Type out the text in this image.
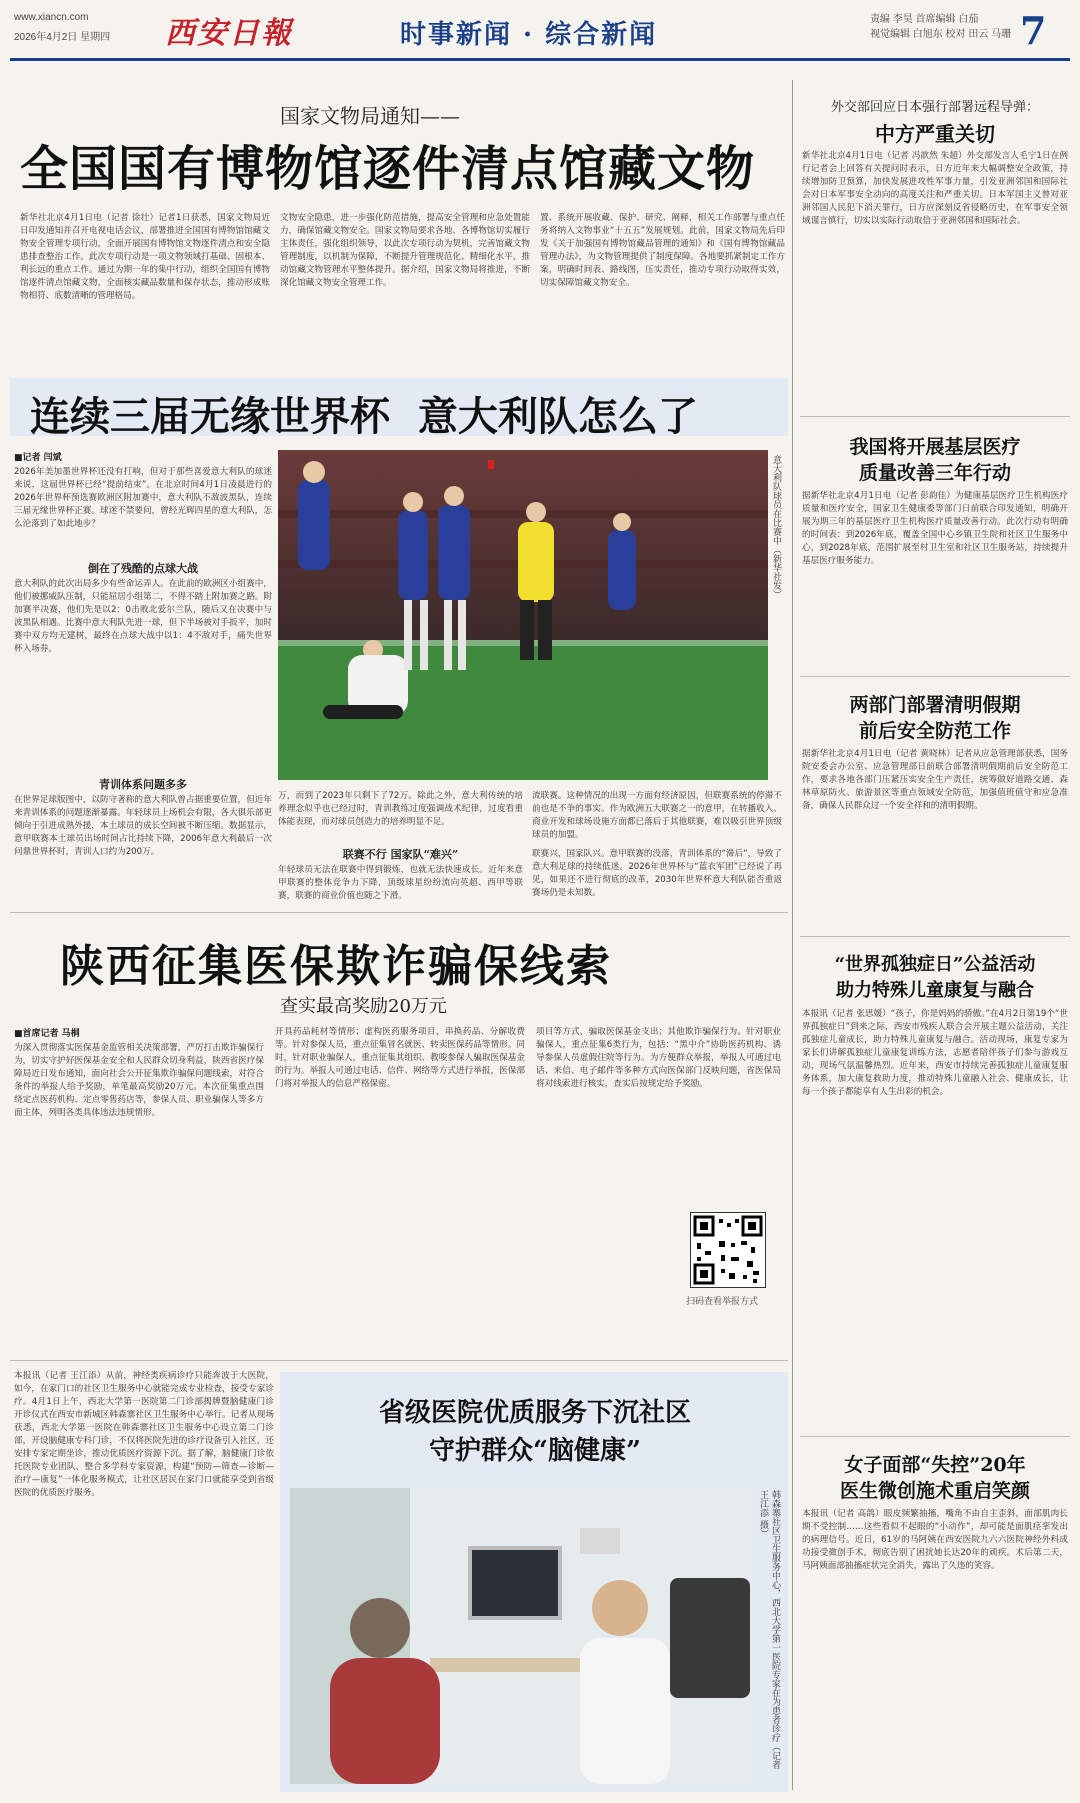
www.xiancn.com
2026年4月2日 星期四 西安日報	时事新闻 · 综合新闻
责编 李昊 首席编辑 白茄
视觉编辑 白旭东 校对 田云 马珊 7
国家文物局通知——
全国国有博物馆逐件清点馆藏文物
新华社北京4月1日电（记者 徐壮）记者1日获悉，国家文物局近日印发通知并召开电视电话会议，部署推进全国国有博物馆馆藏文物安全管理专项行动，全面开展国有博物馆文物逐件清点和安全隐患排查整治工作。此次专项行动是一项文物领域打基础、固根本、利长远的重点工作。通过为期一年的集中行动，组织全国国有博物馆逐件清点馆藏文物，全面核实藏品数量和保存状态，推动形成账物相符、底数清晰的管理格局。
文物安全隐患，进一步强化防范措施，提高安全管理和应急处置能力，确保馆藏文物安全。国家文物局要求各地、各博物馆切实履行主体责任，强化组织领导，以此次专项行动为契机，完善馆藏文物管理制度，以机制为保障，不断提升管理规范化、精细化水平，推动馆藏文物管理水平整体提升。据介绍，国家文物局将推进，不断深化馆藏文物安全管理工作。
置、系统开展收藏、保护、研究、阐释，相关工作部署与重点任务将纳入文物事业“十五五”发展规划。此前，国家文物局先后印发《关于加强国有博物馆藏品管理的通知》和《国有博物馆藏品管理办法》，为文物管理提供了制度保障。各地要抓紧制定工作方案，明确时间表、路线图，压实责任，推动专项行动取得实效，切实保障馆藏文物安全。
连续三届无缘世界杯  意大利队怎么了
■记者 闫斌
2026年美加墨世界杯还没有打响，但对于那些喜爱意大利队的球迷来说，这届世界杯已经“提前结束”。在北京时间4月1日凌晨进行的2026年世界杯预选赛欧洲区附加赛中，意大利队不敌波黑队，连续三届无缘世界杯正赛。球迷不禁要问，曾经光辉四星的意大利队，怎么沦落到了如此地步？
倒在了残酷的点球大战
意大利队的此次出局多少有些命运弄人。在此前的欧洲区小组赛中，他们被挪威队压制，只能屈居小组第二，不得不踏上附加赛之路。附加赛半决赛，他们先是以2：0击败北爱尔兰队，随后又在决赛中与波黑队相遇。比赛中意大利队先进一球，但下半场被对手扳平，加时赛中双方均无建树，最终在点球大战中以1：4不敌对手，痛失世界杯入场券。
青训体系问题多多
在世界足球版图中，以防守著称的意大利队曾占据重要位置，但近年来青训体系的问题逐渐暴露。年轻球员上场机会有限，各大俱乐部更倾向于引进成熟外援，本土球员的成长空间被不断压缩。数据显示，意甲联赛本土球员出场时间占比持续下降，2006年意大利最后一次问鼎世界杯时，青训人口约为200万。
意大利队球员在比赛中（新华社发）
万，而到了2023年只剩下了72万。除此之外，意大利传统的培养理念似乎也已经过时，青训教练过度强调战术纪律，过度看重体能表现，而对球员创造力的培养明显不足。
联赛不行 国家队“难兴”
年轻球员无法在联赛中得到锻炼，也就无法快速成长。近年来意甲联赛的整体竞争力下降，顶级球星纷纷流向英超、西甲等联赛，联赛的商业价值也随之下滑。
流联赛。这种情况的出现一方面有经济原因，但联赛系统的停滞不前也是不争的事实。作为欧洲五大联赛之一的意甲，在转播收入、商业开发和球场设施方面都已落后于其他联赛，难以吸引世界顶级球员的加盟。
联赛兴，国家队兴。意甲联赛的没落，青训体系的“滞后”，导致了意大利足球的持续低迷。2026年世界杯与“蓝衣军团”已经说了再见，如果还不进行彻底的改革，2030年世界杯意大利队能否重返赛场仍是未知数。
陕西征集医保欺诈骗保线索
查实最高奖励20万元
■首席记者 马桐
为深入贯彻落实医保基金监管相关决策部署，严厉打击欺诈骗保行为，切实守护好医保基金安全和人民群众切身利益，陕西省医疗保障局近日发布通知，面向社会公开征集欺诈骗保问题线索，对符合条件的举报人给予奖励，单笔最高奖励20万元。本次征集重点围绕定点医药机构、定点零售药店等，参保人员、职业骗保人等多方面主体，列明各类具体违法违规情形。
开具药品耗材等情形；虚构医药服务项目，串换药品、分解收费等。针对参保人员，重点征集冒名就医、转卖医保药品等情形。同时，针对职业骗保人，重点征集其组织、教唆参保人骗取医保基金的行为。举报人可通过电话、信件、网络等方式进行举报，医保部门将对举报人的信息严格保密。
项目等方式，骗取医保基金支出；其他欺诈骗保行为。针对职业骗保人，重点征集6类行为，包括：“黑中介”协助医药机构、诱导参保人员虚假住院等行为。为方便群众举报，举报人可通过电话、来信、电子邮件等多种方式向医保部门反映问题，省医保局将对线索进行核实，查实后按规定给予奖励。
扫码查看举报方式
本报讯（记者 王江添）从前，神经类疾病诊疗只能奔波于大医院，如今，在家门口的社区卫生服务中心就能完成专业检查，接受专家诊疗。4月1日上午，西北大学第一医院第二门诊部揭牌暨脑健康门诊开诊仪式在西安市新城区韩森寨社区卫生服务中心举行。记者从现场获悉，西北大学第一医院在韩森寨社区卫生服务中心设立第二门诊部，开设脑健康专科门诊，不仅将医院先进的诊疗设备引入社区，还安排专家定期坐诊，推动优质医疗资源下沉。据了解，脑健康门诊依托医院专业团队，整合多学科专家资源，构建“预防—筛查—诊断—治疗—康复”一体化服务模式，让社区居民在家门口就能享受到省级医院的优质医疗服务。
省级医院优质服务下沉社区
守护群众“脑健康”
韩森寨社区卫生服务中心，西北大学第一医院专家在为患者诊疗（记者 王江添 摄）
外交部回应日本强行部署远程导弹：
中方严重关切
新华社北京4月1日电（记者 冯歆然 朱超）外交部发言人毛宁1日在例行记者会上回答有关提问时表示，日方近年来大幅调整安全政策，持续增加防卫预算，加快发展进攻性军事力量，引发亚洲邻国和国际社会对日本军事安全动向的高度关注和严重关切。日本军国主义曾对亚洲邻国人民犯下滔天罪行，日方应深刻反省侵略历史，在军事安全领域谨言慎行，切实以实际行动取信于亚洲邻国和国际社会。
我国将开展基层医疗
质量改善三年行动
据新华社北京4月1日电（记者 彭韵佳）为健康基层医疗卫生机构医疗质量和医疗安全，国家卫生健康委等部门日前联合印发通知，明确开展为期三年的基层医疗卫生机构医疗质量改善行动。此次行动有明确的时间表：到2026年底，覆盖全国中心乡镇卫生院和社区卫生服务中心，到2028年底，范围扩展至村卫生室和社区卫生服务站，持续提升基层医疗服务能力。
两部门部署清明假期
前后安全防范工作
据新华社北京4月1日电（记者 黄晓林）记者从应急管理部获悉，国务院安委会办公室、应急管理部日前联合部署清明假期前后安全防范工作，要求各地各部门压紧压实安全生产责任，统筹做好道路交通、森林草原防火、旅游景区等重点领域安全防范，加强值班值守和应急准备，确保人民群众过一个安全祥和的清明假期。
“世界孤独症日”公益活动
助力特殊儿童康复与融合
本报讯（记者 张思媛）“孩子，你是妈妈的骄傲。”在4月2日第19个“世界孤独症日”到来之际，西安市残疾人联合会开展主题公益活动，关注孤独症儿童成长，助力特殊儿童康复与融合。活动现场，康复专家为家长们讲解孤独症儿童康复训练方法，志愿者陪伴孩子们参与游戏互动，现场气氛温馨热烈。近年来，西安市持续完善孤独症儿童康复服务体系，加大康复救助力度，推动特殊儿童融入社会、健康成长，让每一个孩子都能享有人生出彩的机会。
女子面部“失控”20年
医生微创施术重启笑颜
本报讯（记者 高鸽）眼皮频繁抽搐，嘴角不由自主歪斜，面部肌肉长期不受控制……这些看似不起眼的“小动作”，却可能是面肌痉挛发出的病理信号。近日，61岁的马阿姨在西安医院九六六医院神经外科成功接受微创手术，彻底告别了困扰她长达20年的顽疾。术后第二天，马阿姨面部抽搐症状完全消失，露出了久违的笑容。
